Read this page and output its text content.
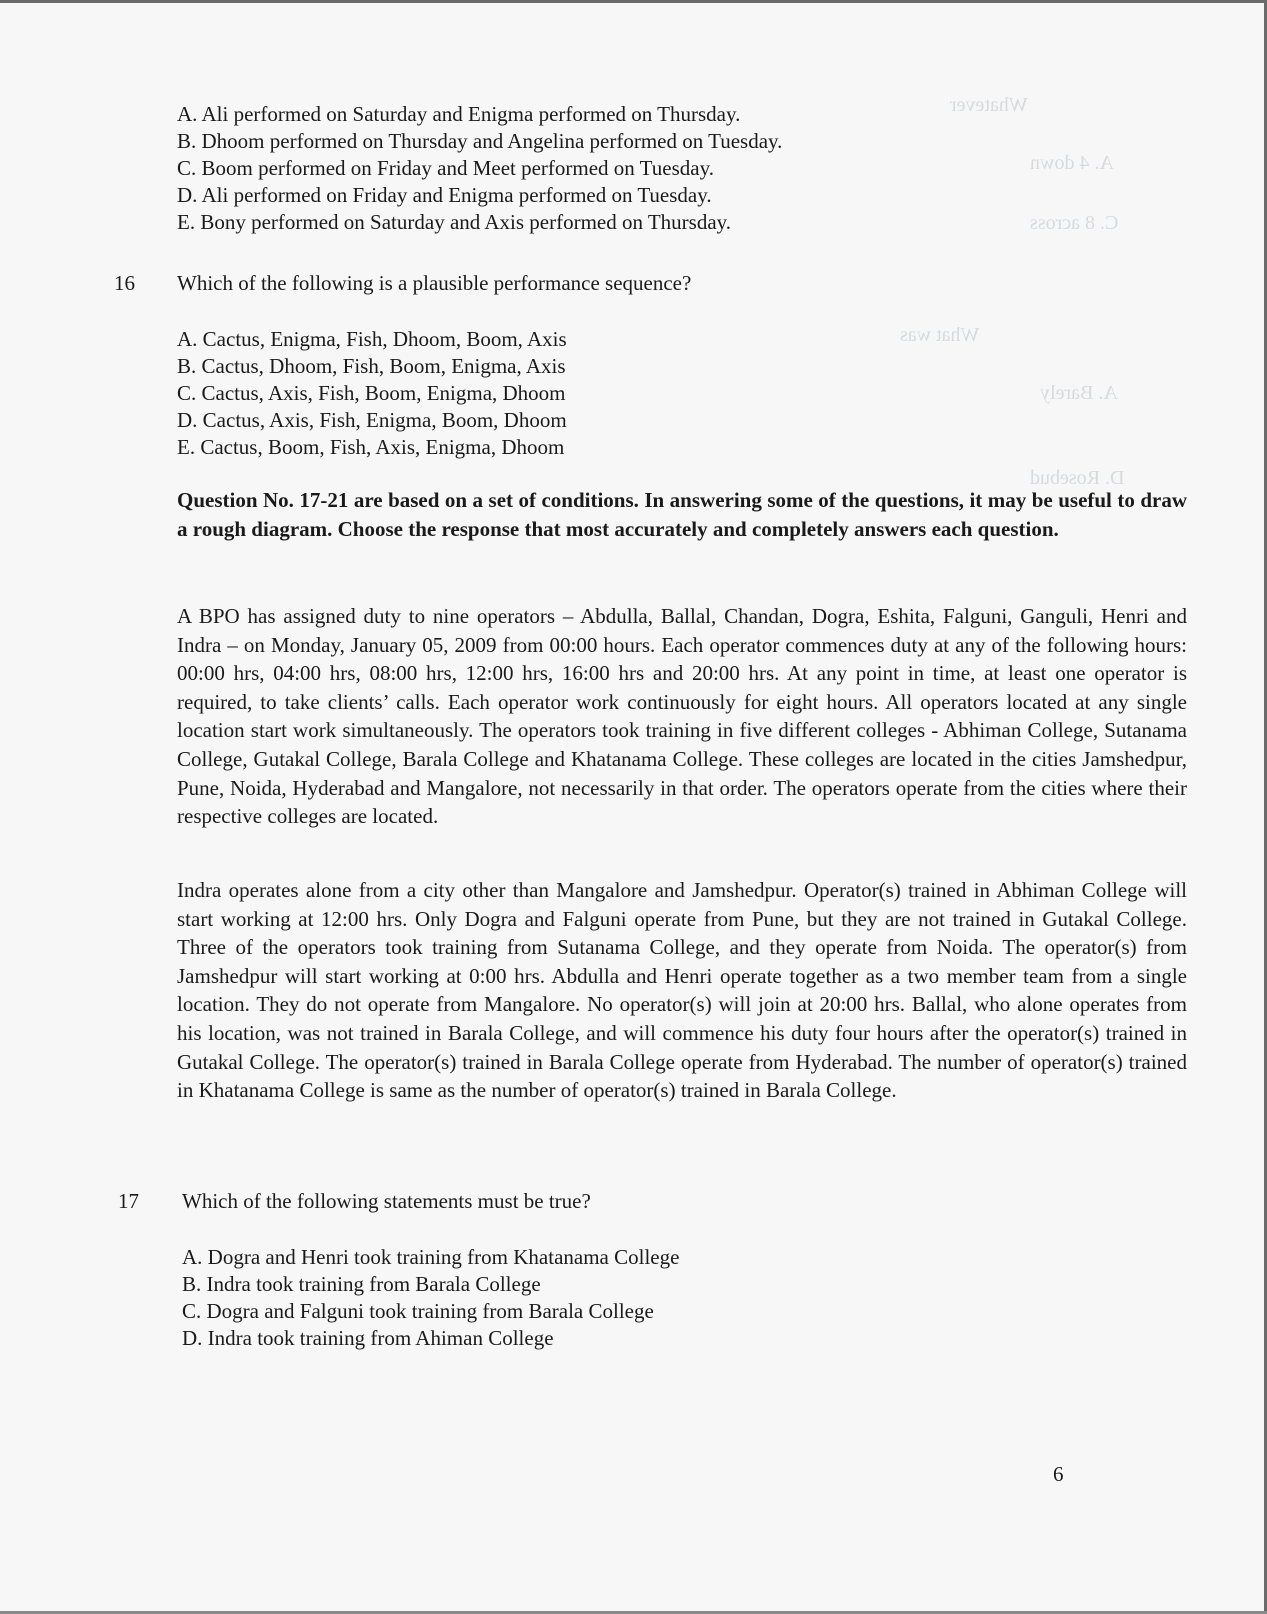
Whatever
A. 4 down
C. 8 across
What was
A. Barely
D. Rosebud
A. Ali performed on Saturday and Enigma performed on Thursday.
B. Dhoom performed on Thursday and Angelina performed on Tuesday.
C. Boom performed on Friday and Meet performed on Tuesday.
D. Ali performed on Friday and Enigma performed on Tuesday.
E. Bony performed on Saturday and Axis performed on Thursday.
16 Which of the following is a plausible performance sequence?
A. Cactus, Enigma, Fish, Dhoom, Boom, Axis
B. Cactus, Dhoom, Fish, Boom, Enigma, Axis
C. Cactus, Axis, Fish, Boom, Enigma, Dhoom
D. Cactus, Axis, Fish, Enigma, Boom, Dhoom
E. Cactus, Boom, Fish, Axis, Enigma, Dhoom
Question No. 17-21 are based on a set of conditions. In answering some of the questions, it may be useful to draw a rough diagram. Choose the response that most accurately and completely answers each question.
A BPO has assigned duty to nine operators – Abdulla, Ballal, Chandan, Dogra, Eshita, Falguni, Ganguli, Henri and Indra – on Monday, January 05, 2009 from 00:00 hours. Each operator commences duty at any of the following hours: 00:00 hrs, 04:00 hrs, 08:00 hrs, 12:00 hrs, 16:00 hrs and 20:00 hrs. At any point in time, at least one operator is required, to take clients’ calls. Each operator work continuously for eight hours. All operators located at any single location start work simultaneously. The operators took training in five different colleges - Abhiman College, Sutanama College, Gutakal College, Barala College and Khatanama College. These colleges are located in the cities Jamshedpur, Pune, Noida, Hyderabad and Mangalore, not necessarily in that order. The operators operate from the cities where their respective colleges are located.
Indra operates alone from a city other than Mangalore and Jamshedpur. Operator(s) trained in Abhiman College will start working at 12:00 hrs. Only Dogra and Falguni operate from Pune, but they are not trained in Gutakal College. Three of the operators took training from Sutanama College, and they operate from Noida. The operator(s) from Jamshedpur will start working at 0:00 hrs. Abdulla and Henri operate together as a two member team from a single location. They do not operate from Mangalore. No operator(s) will join at 20:00 hrs. Ballal, who alone operates from his location, was not trained in Barala College, and will commence his duty four hours after the operator(s) trained in Gutakal College. The operator(s) trained in Barala College operate from Hyderabad. The number of operator(s) trained in Khatanama College is same as the number of operator(s) trained in Barala College.
17 Which of the following statements must be true?
A. Dogra and Henri took training from Khatanama College
B. Indra took training from Barala College
C. Dogra and Falguni took training from Barala College
D. Indra took training from Ahiman College
6
